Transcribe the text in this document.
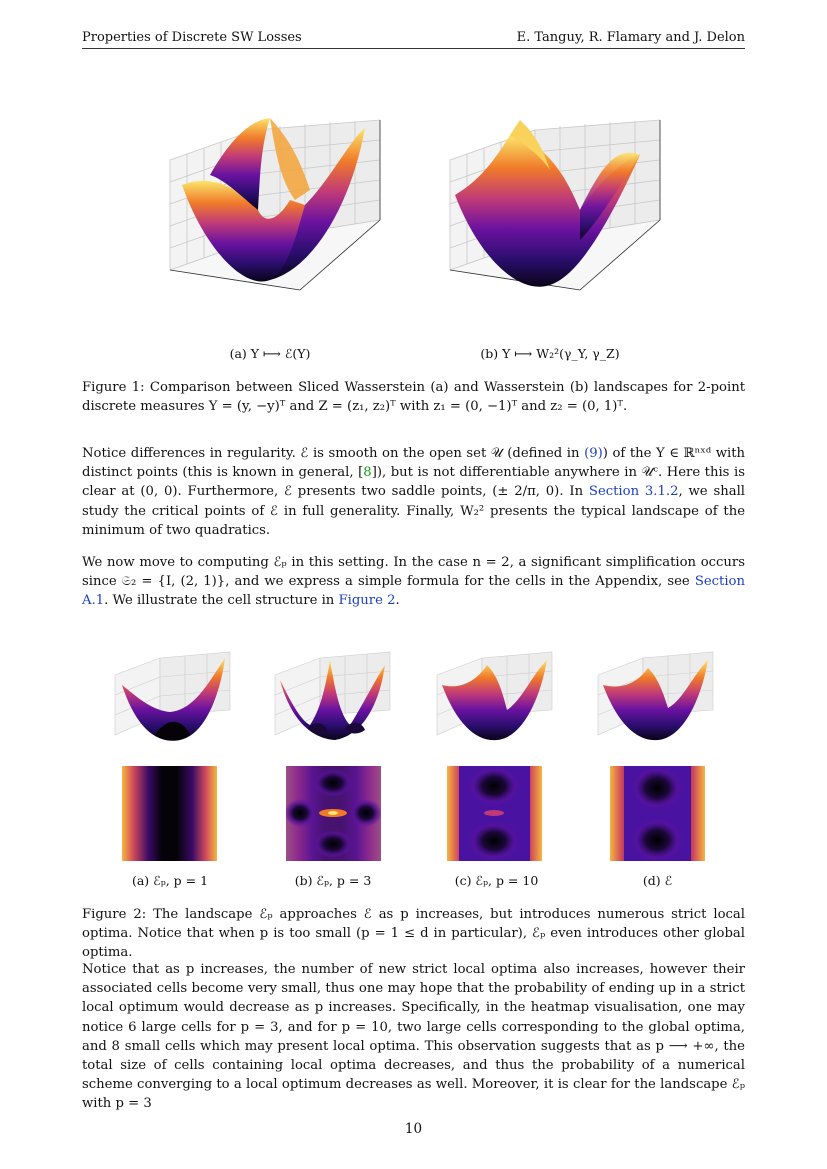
Properties of Discrete SW Losses	E. Tanguy, R. Flamary and J. Delon
(a) Y ⟼ ℰ(Y)	(b) Y ⟼ W₂²(γ_Y, γ_Z)

Figure 1: Comparison between Sliced Wasserstein (a) and Wasserstein (b) landscapes for 2-point discrete measures Y = (y, −y)ᵀ and Z = (z₁, z₂)ᵀ with z₁ = (0, −1)ᵀ and z₂ = (0, 1)ᵀ.

Notice differences in regularity. ℰ is smooth on the open set 𝒰 (defined in (9)) of the Y ∈ ℝⁿˣᵈ with distinct points (this is known in general, [8]), but is not differentiable anywhere in 𝒰ᶜ. Here this is clear at (0, 0). Furthermore, ℰ presents two saddle points, (± 2/π, 0). In Section 3.1.2, we shall study the critical points of ℰ in full generality. Finally, W₂² presents the typical landscape of the minimum of two quadratics.

We now move to computing ℰₚ in this setting. In the case n = 2, a significant simplification occurs since 𝔖₂ = {I, (2, 1)}, and we express a simple formula for the cells in the Appendix, see Section A.1. We illustrate the cell structure in Figure 2.

(a) ℰₚ, p = 1	(b) ℰₚ, p = 3	(c) ℰₚ, p = 10	(d) ℰ

Figure 2: The landscape ℰₚ approaches ℰ as p increases, but introduces numerous strict local optima. Notice that when p is too small (p = 1 ≤ d in particular), ℰₚ even introduces other global optima.

Notice that as p increases, the number of new strict local optima also increases, however their associated cells become very small, thus one may hope that the probability of ending up in a strict local optimum would decrease as p increases. Specifically, in the heatmap visualisation, one may notice 6 large cells for p = 3, and for p = 10, two large cells corresponding to the global optima, and 8 small cells which may present local optima. This observation suggests that as p ⟶ +∞, the total size of cells containing local optima decreases, and thus the probability of a numerical scheme converging to a local optimum decreases as well. Moreover, it is clear for the landscape ℰₚ with p = 3

10
